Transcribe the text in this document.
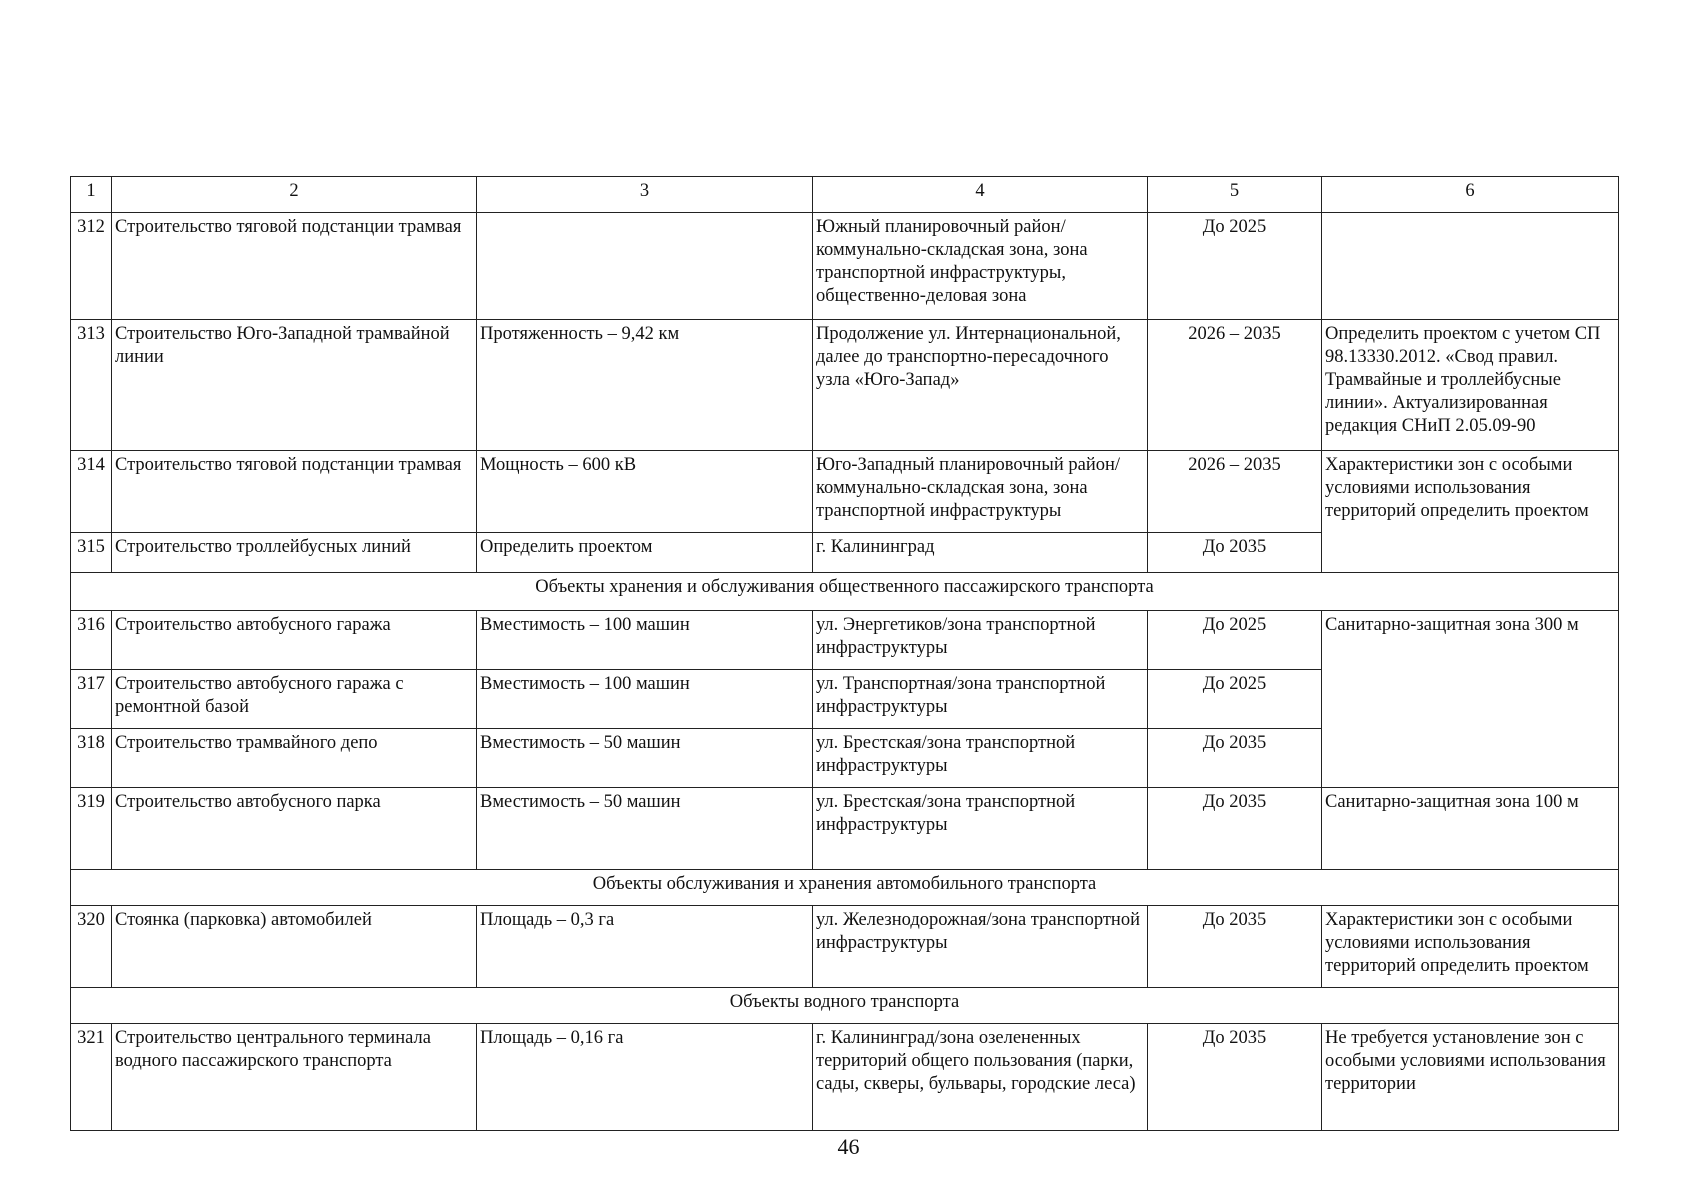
1	2	3	4	5	6
312	Строительство тяговой подстанции трамвая		Южный планировочный район/коммунально-складская зона, зона транспортной инфраструктуры, общественно-деловая зона	До 2025	
313	Строительство Юго-Западной трамвайной линии	Протяженность – 9,42 км	Продолжение ул. Интернациональной, далее до транспортно-пересадочного узла «Юго-Запад»	2026 – 2035	Определить проектом с учетом СП 98.13330.2012. «Свод правил. Трамвайные и троллейбусные линии». Актуализированная редакция СНиП 2.05.09-90
314	Строительство тяговой подстанции трамвая	Мощность – 600 кВ	Юго-Западный планировочный район/коммунально-складская зона, зона транспортной инфраструктуры	2026 – 2035	Характеристики зон с особыми условиями использования территорий определить проектом
315	Строительство троллейбусных линий	Определить проектом	г. Калининград	До 2035	
Объекты хранения и обслуживания общественного пассажирского транспорта					
316	Строительство автобусного гаража	Вместимость – 100 машин	ул. Энергетиков/зона транспортной инфраструктуры	До 2025	Санитарно-защитная зона 300 м
317	Строительство автобусного гаража с ремонтной базой	Вместимость – 100 машин	ул. Транспортная/зона транспортной инфраструктуры	До 2025	
318	Строительство трамвайного депо	Вместимость – 50 машин	ул. Брестская/зона транспортной инфраструктуры	До 2035	
319	Строительство автобусного парка	Вместимость – 50 машин	ул. Брестская/зона транспортной инфраструктуры	До 2035	Санитарно-защитная зона 100 м
Объекты обслуживания и хранения автомобильного транспорта					
320	Стоянка (парковка) автомобилей	Площадь – 0,3 га	ул. Железнодорожная/зона транспортной инфраструктуры	До 2035	Характеристики зон с особыми условиями использования территорий определить проектом
Объекты водного транспорта					
321	Строительство центрального терминала водного пассажирского транспорта	Площадь – 0,16 га	г. Калининград/зона озелененных территорий общего пользования (парки, сады, скверы, бульвары, городские леса)	До 2035	Не требуется установление зон с особыми условиями использования территории
46
